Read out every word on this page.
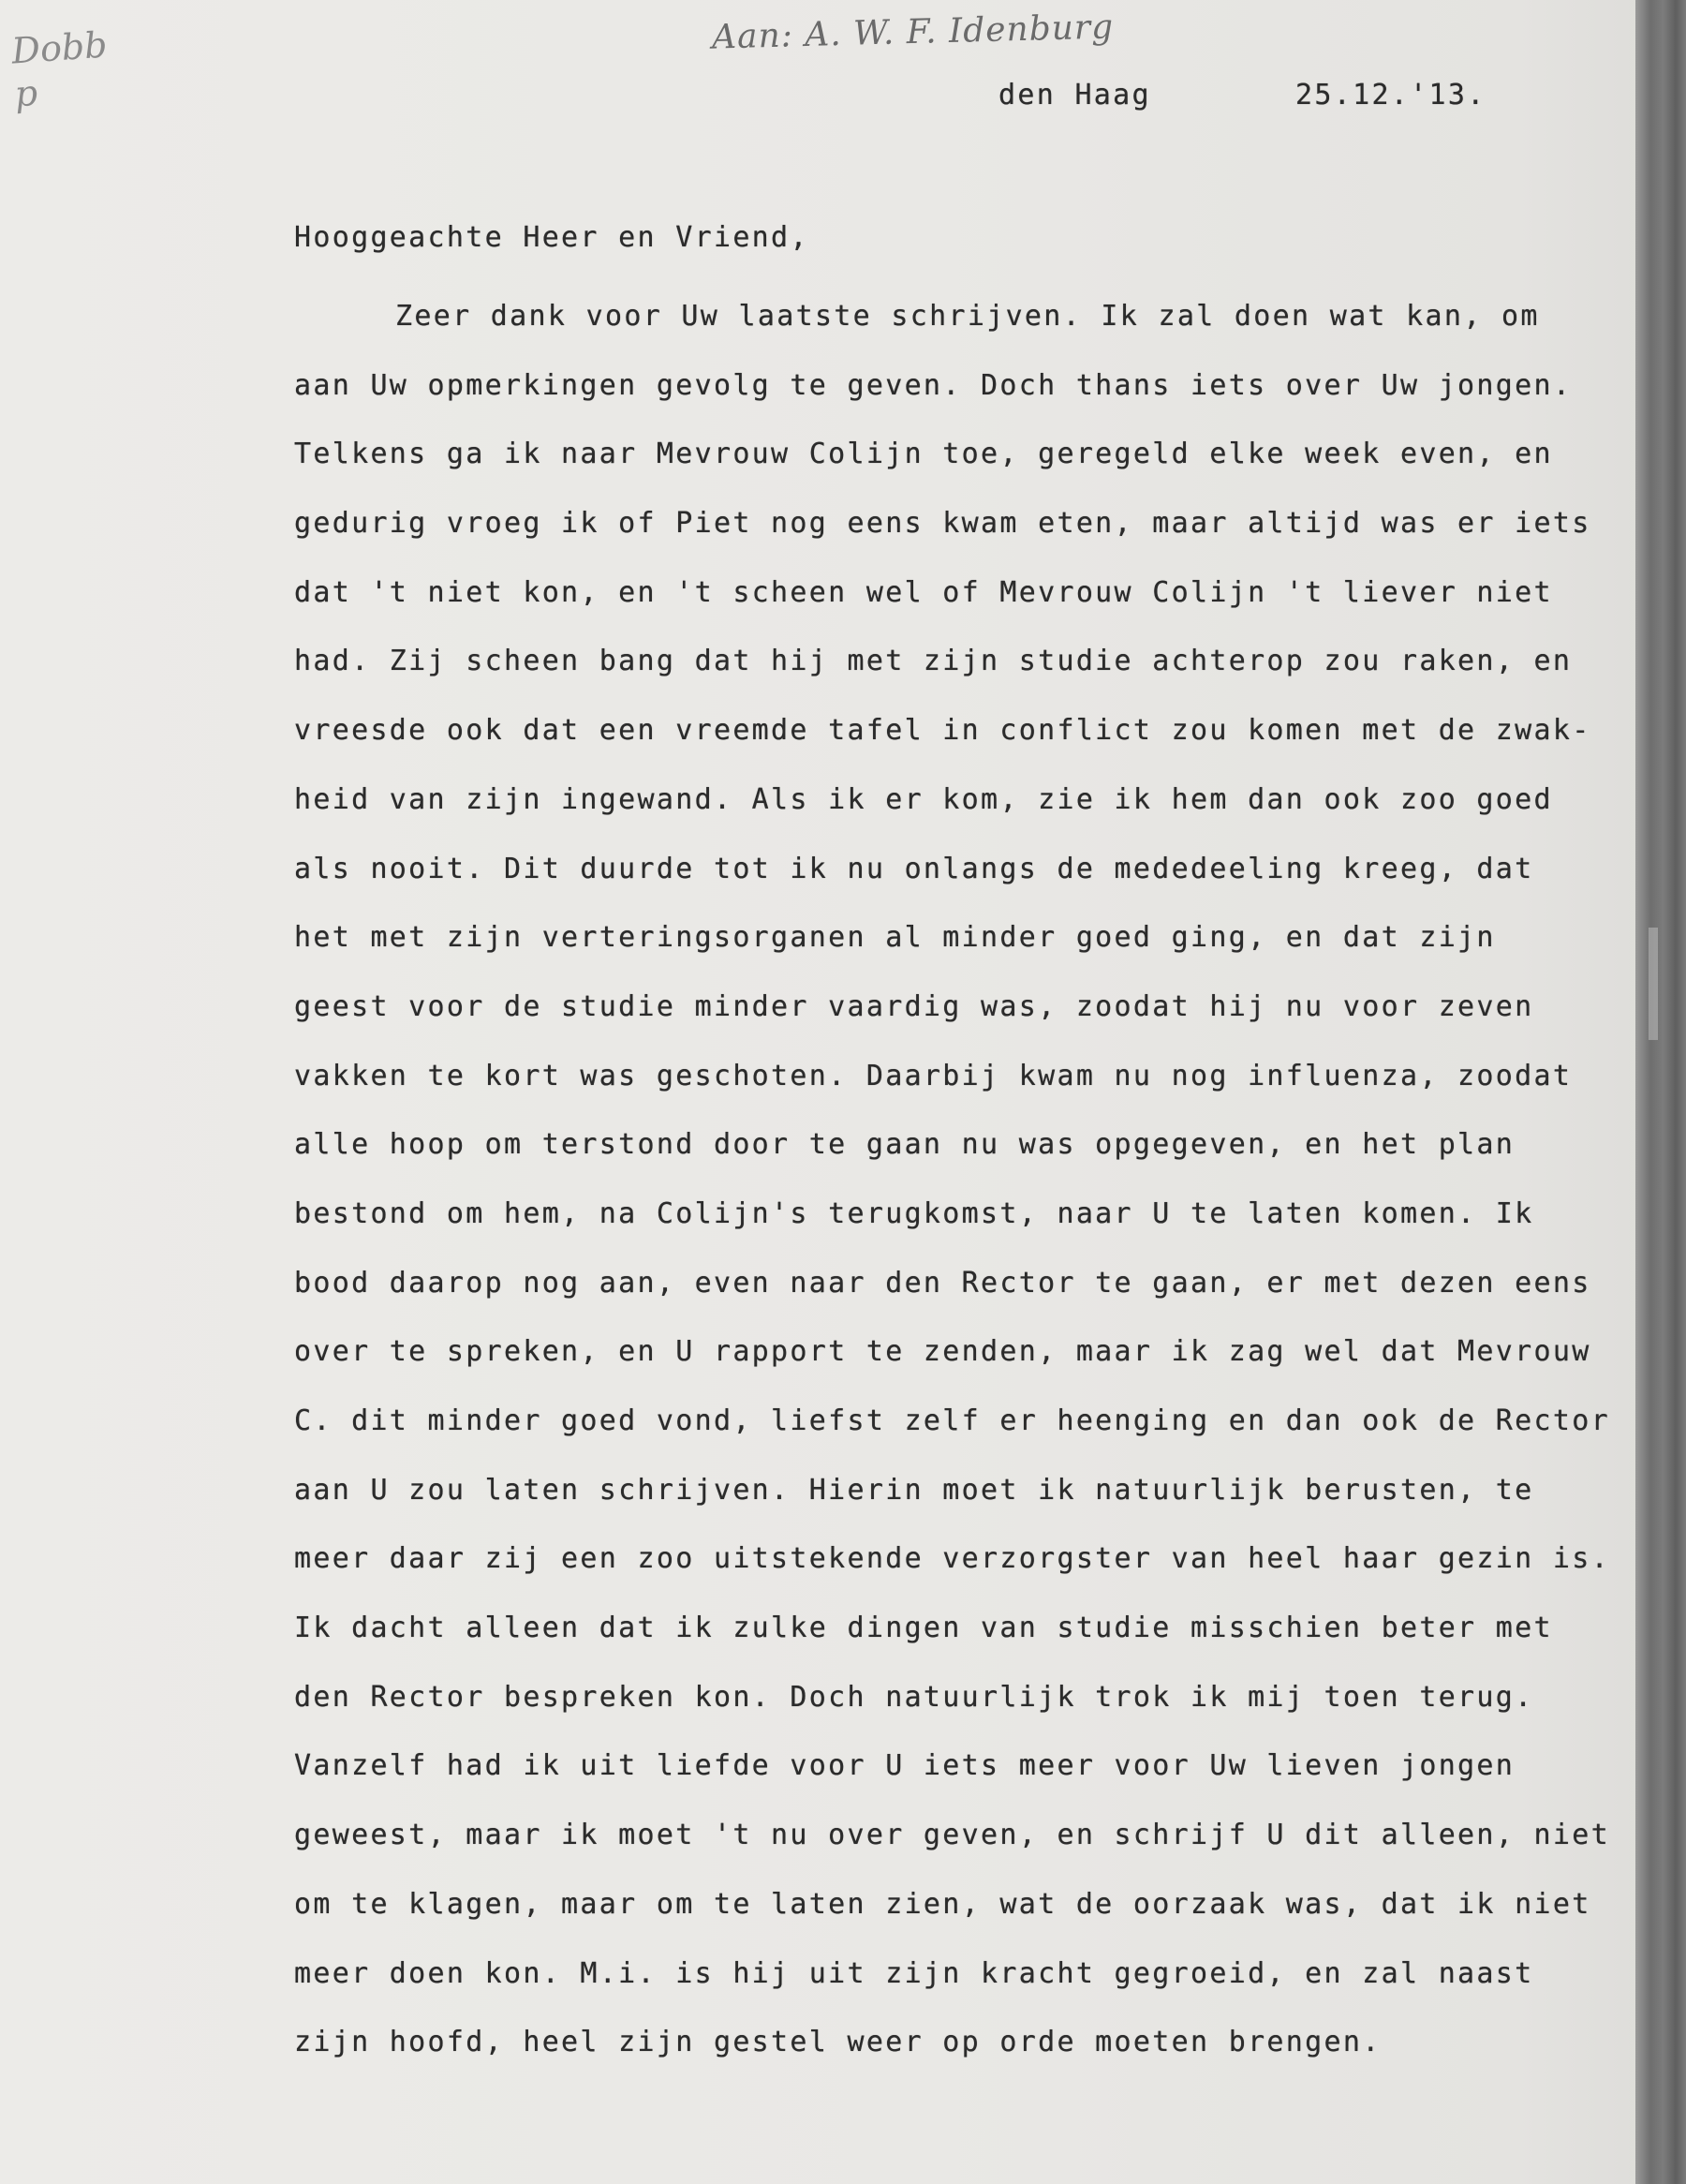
Aan: A. W. F. Idenburg
Dobb
p	den Haag	25.12.'13.
Hooggeachte Heer en Vriend,
Zeer dank voor Uw laatste schrijven. Ik zal doen wat kan, om
aan Uw opmerkingen gevolg te geven. Doch thans iets over Uw jongen.
Telkens ga ik naar Mevrouw Colijn toe, geregeld elke week even, en
gedurig vroeg ik of Piet nog eens kwam eten, maar altijd was er iets
dat 't niet kon, en 't scheen wel of Mevrouw Colijn 't liever niet
had. Zij scheen bang dat hij met zijn studie achterop zou raken, en
vreesde ook dat een vreemde tafel in conflict zou komen met de zwak-
heid van zijn ingewand. Als ik er kom, zie ik hem dan ook zoo goed
als nooit. Dit duurde tot ik nu onlangs de mededeeling kreeg, dat
het met zijn verteringsorganen al minder goed ging, en dat zijn
geest voor de studie minder vaardig was, zoodat hij nu voor zeven
vakken te kort was geschoten. Daarbij kwam nu nog influenza, zoodat
alle hoop om terstond door te gaan nu was opgegeven, en het plan
bestond om hem, na Colijn's terugkomst, naar U te laten komen. Ik
bood daarop nog aan, even naar den Rector te gaan, er met dezen eens
over te spreken, en U rapport te zenden, maar ik zag wel dat Mevrouw
C. dit minder goed vond, liefst zelf er heenging en dan ook de Rector
aan U zou laten schrijven. Hierin moet ik natuurlijk berusten, te
meer daar zij een zoo uitstekende verzorgster van heel haar gezin is.
Ik dacht alleen dat ik zulke dingen van studie misschien beter met
den Rector bespreken kon. Doch natuurlijk trok ik mij toen terug.
Vanzelf had ik uit liefde voor U iets meer voor Uw lieven jongen
geweest, maar ik moet 't nu over geven, en schrijf U dit alleen, niet
om te klagen, maar om te laten zien, wat de oorzaak was, dat ik niet
meer doen kon. M.i. is hij uit zijn kracht gegroeid, en zal naast
zijn hoofd, heel zijn gestel weer op orde moeten brengen.
